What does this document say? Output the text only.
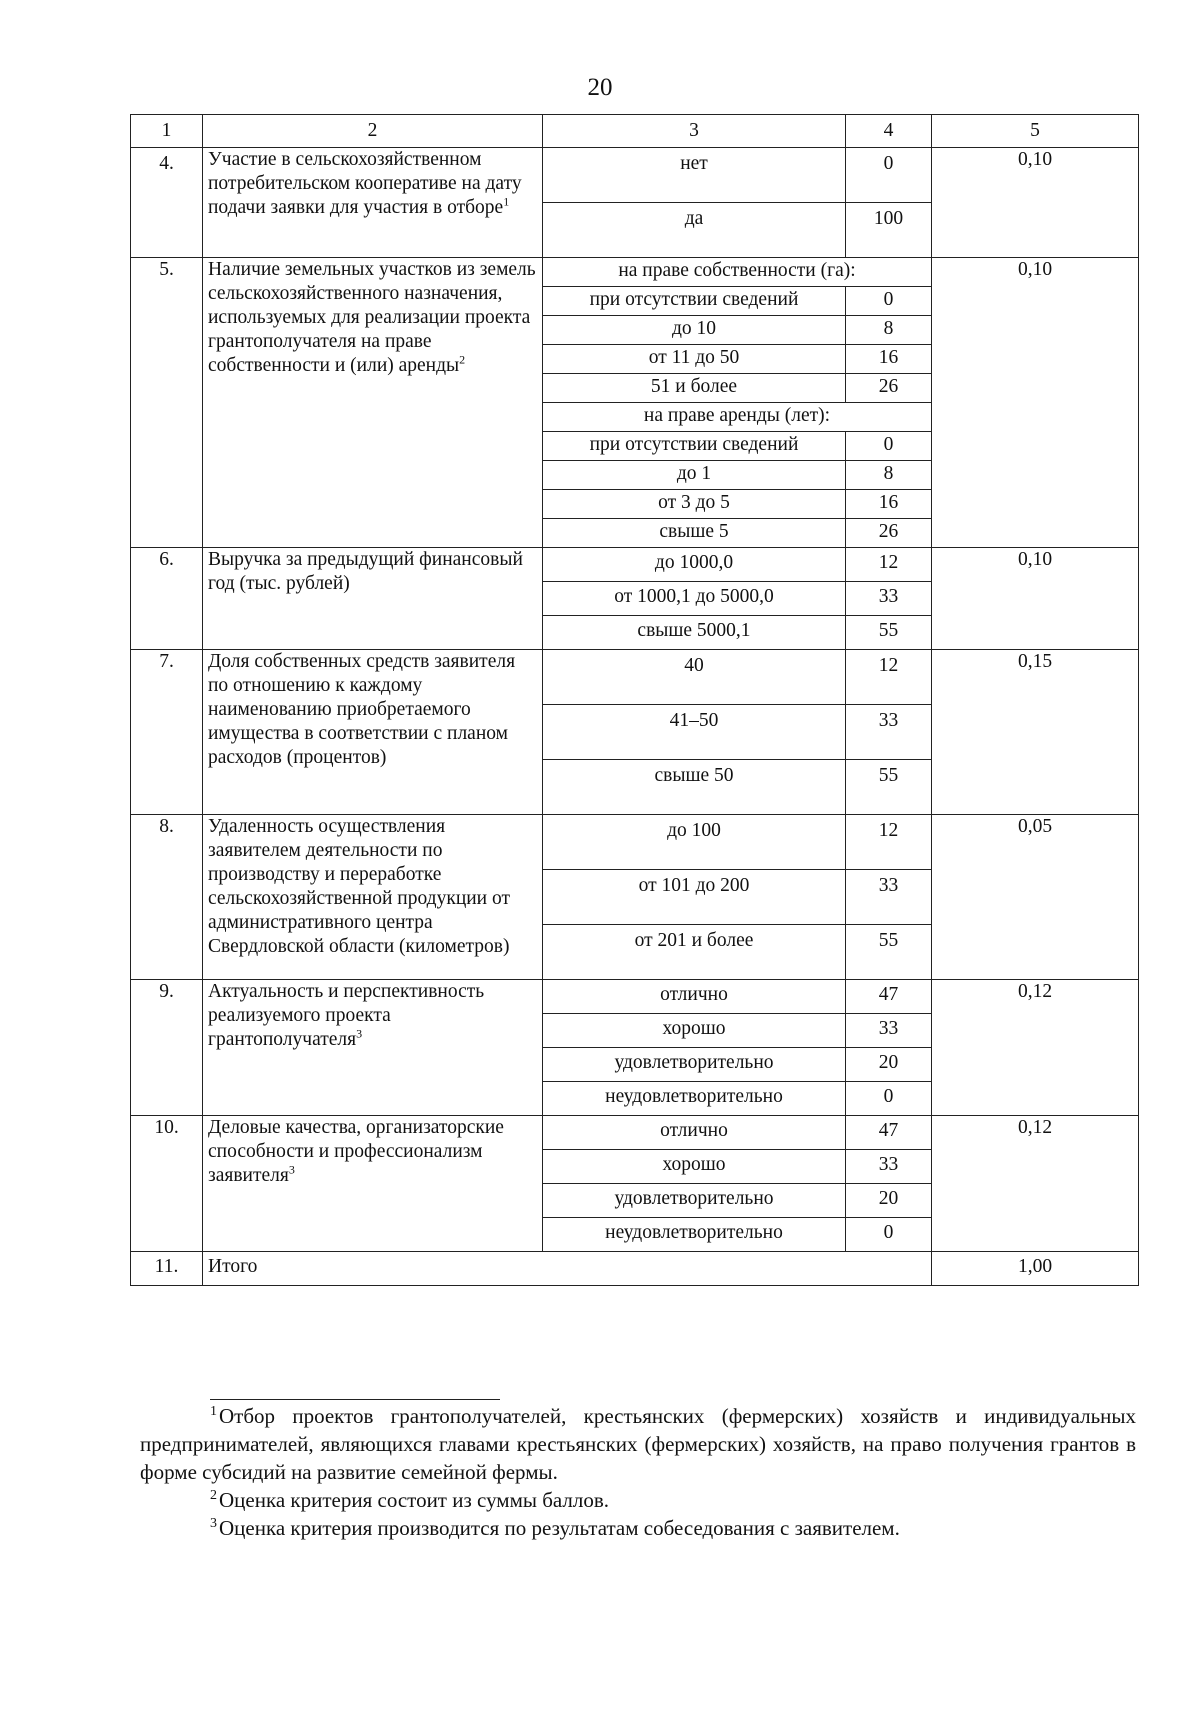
20
1	2	3	4	5
4.	Участие в сельскохозяйственном потребительском кооперативе на дату подачи заявки для участия в отборе$^1$	нет	0	0,10
		да	100	
5.	Наличие земельных участков из земель сельскохозяйственного назначения, используемых для реализации проекта грантополучателя на праве собственности и (или) аренды$^2$	на праве собственности (га):		0,10
		при отсутствии сведений	0	
		до 10	8	
		от 11 до 50	16	
		51 и более	26	
		на праве аренды (лет):		
		при отсутствии сведений	0	
		до 1	8	
		от 3 до 5	16	
		свыше 5	26	
6.	Выручка за предыдущий финансовый год (тыс. рублей)	до 1000,0	12	0,10
		от 1000,1 до 5000,0	33	
		свыше 5000,1	55	
7.	Доля собственных средств заявителя по отношению к каждому наименованию приобретаемого имущества в соответствии с планом расходов (процентов)	40	12	0,15
		41–50	33	
		свыше 50	55	
8.	Удаленность осуществления заявителем деятельности по производству и переработке сельскохозяйственной продукции от административного центра Свердловской области (километров)	до 100	12	0,05
		от 101 до 200	33	
		от 201 и более	55	
9.	Актуальность и перспективность реализуемого проекта грантополучателя$^3$	отлично	47	0,12
		хорошо	33	
		удовлетворительно	20	
		неудовлетворительно	0	
10.	Деловые качества, организаторские способности и профессионализм заявителя$^3$	отлично	47	0,12
		хорошо	33	
		удовлетворительно	20	
		неудовлетворительно	0	
11.	Итого			1,00

$^1$Отбор проектов грантополучателей, крестьянских (фермерских) хозяйств и индивидуальных предпринимателей, являющихся главами крестьянских (фермерских) хозяйств, на право получения грантов в форме субсидий на развитие семейной фермы.

$^2$Оценка критерия состоит из суммы баллов.

$^3$Оценка критерия производится по результатам собеседования с заявителем.
